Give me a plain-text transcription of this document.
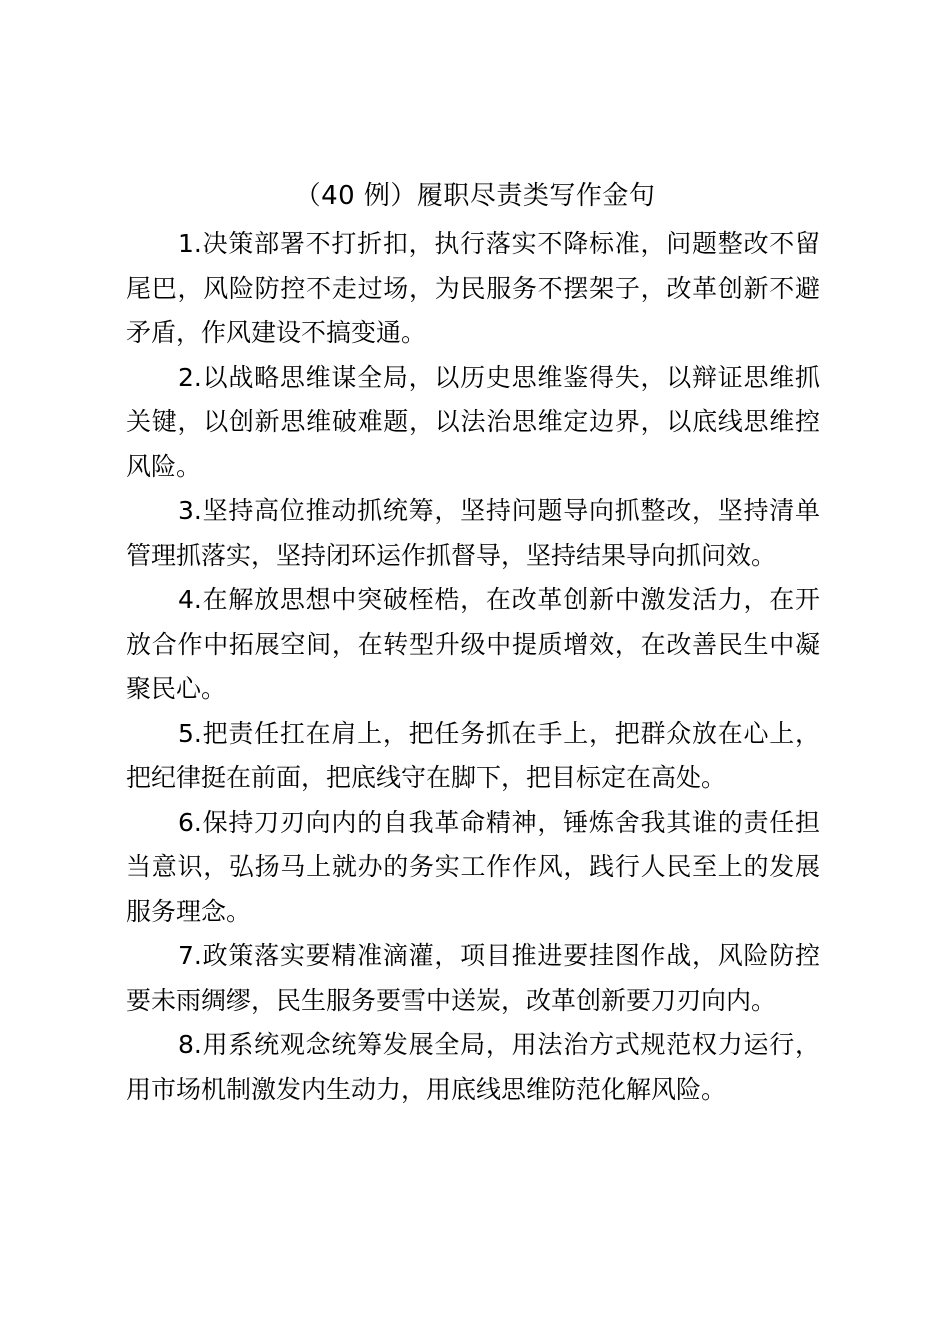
（40 例）履职尽责类写作金句

1.决策部署不打折扣，执行落实不降标准，问题整改不留尾巴，风险防控不走过场，为民服务不摆架子，改革创新不避矛盾，作风建设不搞变通。

2.以战略思维谋全局，以历史思维鉴得失，以辩证思维抓关键，以创新思维破难题，以法治思维定边界，以底线思维控风险。

3.坚持高位推动抓统筹，坚持问题导向抓整改，坚持清单管理抓落实，坚持闭环运作抓督导，坚持结果导向抓问效。

4.在解放思想中突破桎梏，在改革创新中激发活力，在开放合作中拓展空间，在转型升级中提质增效，在改善民生中凝聚民心。

5.把责任扛在肩上，把任务抓在手上，把群众放在心上，把纪律挺在前面，把底线守在脚下，把目标定在高处。

6.保持刀刃向内的自我革命精神，锤炼舍我其谁的责任担当意识，弘扬马上就办的务实工作作风，践行人民至上的发展服务理念。

7.政策落实要精准滴灌，项目推进要挂图作战，风险防控要未雨绸缪，民生服务要雪中送炭，改革创新要刀刃向内。

8.用系统观念统筹发展全局，用法治方式规范权力运行，用市场机制激发内生动力，用底线思维防范化解风险。
